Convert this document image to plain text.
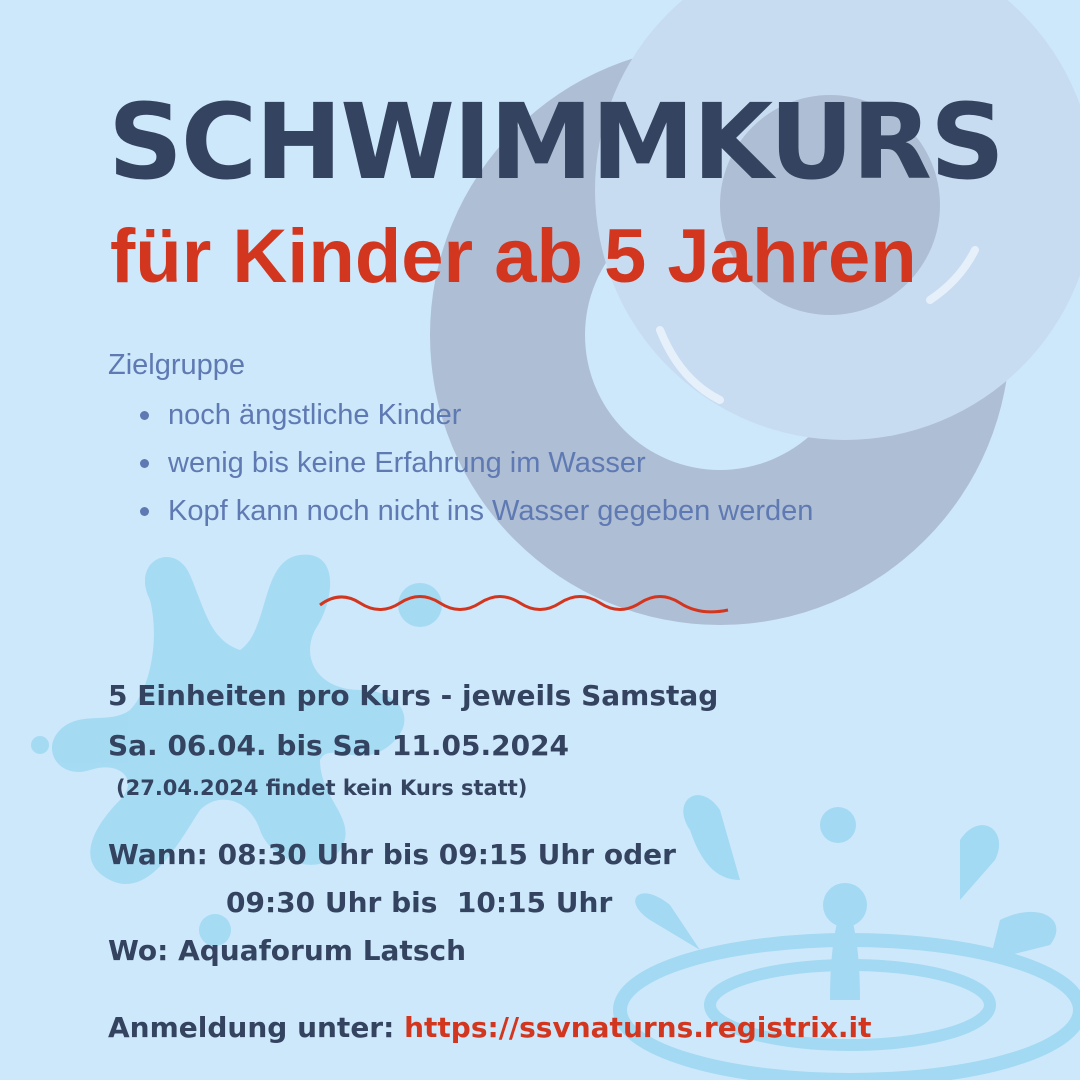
SCHWIMMKURS
für Kinder ab 5 Jahren
Zielgruppe
noch ängstliche Kinder
wenig bis keine Erfahrung im Wasser
Kopf kann noch nicht ins Wasser gegeben werden
5 Einheiten pro Kurs - jeweils Samstag
Sa. 06.04. bis Sa. 11.05.2024
(27.04.2024 findet kein Kurs statt)
Wann: 08:30 Uhr bis 09:15 Uhr oder
09:30 Uhr bis  10:15 Uhr
Wo: Aquaforum Latsch
Anmeldung unter: https://ssvnaturns.registrix.it
